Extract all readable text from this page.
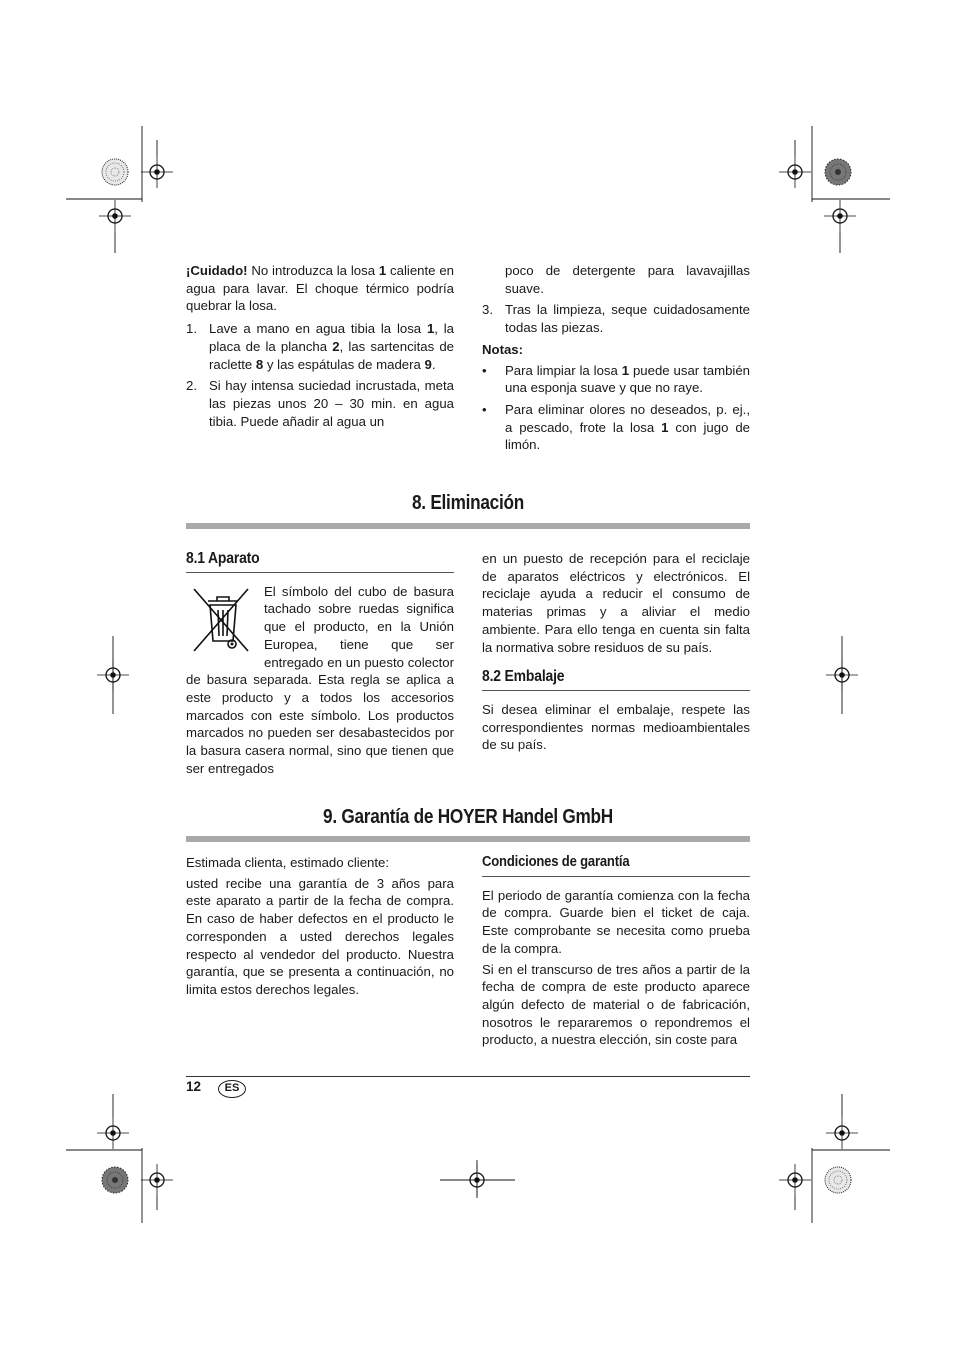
¡Cuidado! No introduzca la losa 1 caliente en agua para lavar. El choque térmico podría quebrar la losa.

1. Lave a mano en agua tibia la losa 1, la placa de la plancha 2, las sartencitas de raclette 8 y las espátulas de madera 9.
2. Si hay intensa suciedad incrustada, meta las piezas unos 20 – 30 min. en agua tibia. Puede añadir al agua un

poco de detergente para lavavajillas suave.

3. Tras la limpieza, seque cuidadosamente todas las piezas.

Notas:

• Para limpiar la losa 1 puede usar también una esponja suave y que no raye.
• Para eliminar olores no deseados, p. ej., a pescado, frote la losa 1 con jugo de limón.
8. Eliminación

8.1 Aparato

El símbolo del cubo de basura tachado sobre ruedas significa que el producto, en la Unión Europea, tiene que ser entregado en un puesto colector de basura separada. Esta regla se aplica a este producto y a todos los accesorios marcados con este símbolo. Los productos marcados no pueden ser desabastecidos por la basura casera normal, sino que tienen que ser entregados

en un puesto de recepción para el reciclaje de aparatos eléctricos y electrónicos. El reciclaje ayuda a reducir el consumo de materias primas y a aliviar el medio ambiente. Para ello tenga en cuenta sin falta la normativa sobre residuos de su país.

8.2 Embalaje

Si desea eliminar el embalaje, respete las correspondientes normas medioambientales de su país.

9. Garantía de HOYER Handel GmbH

Estimada clienta, estimado cliente:

usted recibe una garantía de 3 años para este aparato a partir de la fecha de compra. En caso de haber defectos en el producto le corresponden a usted derechos legales respecto al vendedor del producto. Nuestra garantía, que se presenta a continuación, no limita estos derechos legales.

Condiciones de garantía

El periodo de garantía comienza con la fecha de compra. Guarde bien el ticket de caja. Este comprobante se necesita como prueba de la compra.

Si en el transcurso de tres años a partir de la fecha de compra de este producto aparece algún defecto de material o de fabricación, nosotros le repararemos o repondremos el producto, a nuestra elección, sin coste para

12	ES
